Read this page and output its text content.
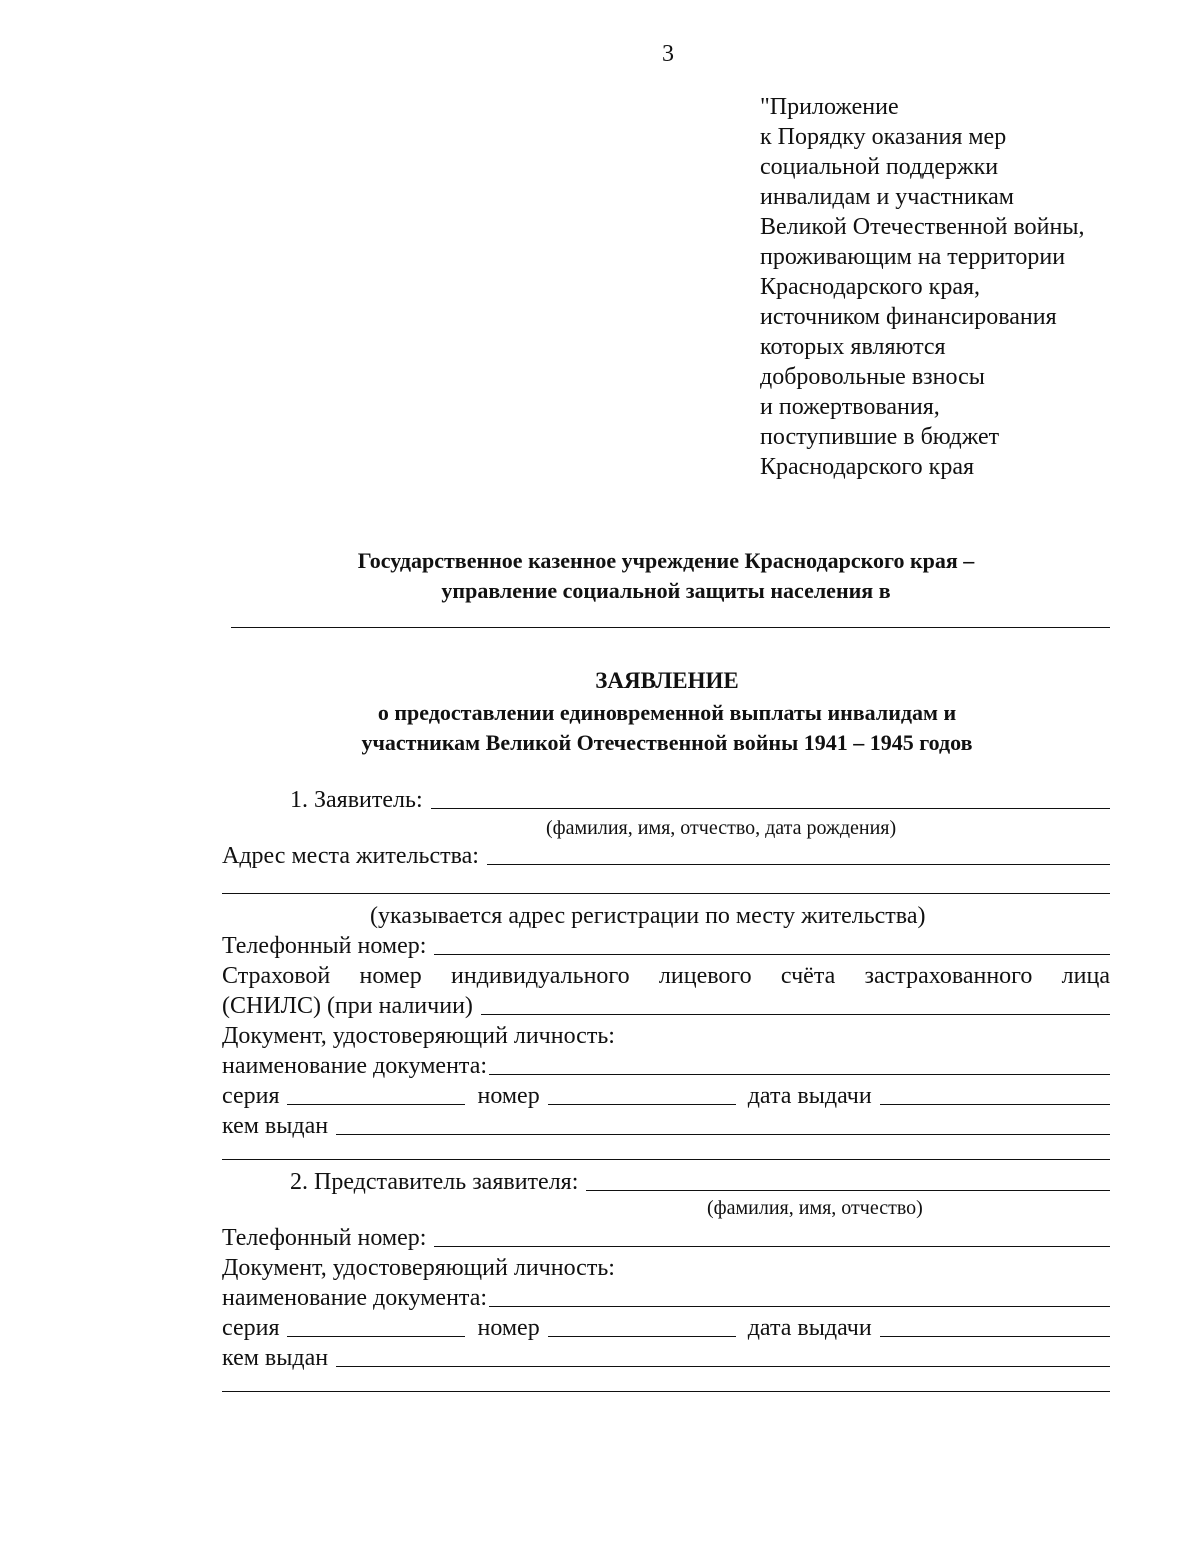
3
"Приложение
к Порядку оказания мер
социальной поддержки
инвалидам и участникам
Великой Отечественной войны,
проживающим на территории
Краснодарского края,
источником финансирования
которых являются
добровольные взносы
и пожертвования,
поступившие в бюджет
Краснодарского края
Государственное казенное учреждение Краснодарского края –
управление социальной защиты населения в
ЗАЯВЛЕНИЕ
о предоставлении единовременной выплаты инвалидам и
участникам Великой Отечественной войны 1941 – 1945 годов
1. Заявитель:
(фамилия, имя, отчество, дата рождения)
Адрес места жительства:
(указывается адрес регистрации по месту жительства)
Телефонный номер:
Страховой номер индивидуального лицевого счёта застрахованного лица
(СНИЛС) (при наличии)
Документ, удостоверяющий личность:
наименование документа:
серия	номер	дата выдачи
кем выдан
2. Представитель заявителя:
(фамилия, имя, отчество)
Телефонный номер:
Документ, удостоверяющий личность:
наименование документа:
серия	номер	дата выдачи
кем выдан
